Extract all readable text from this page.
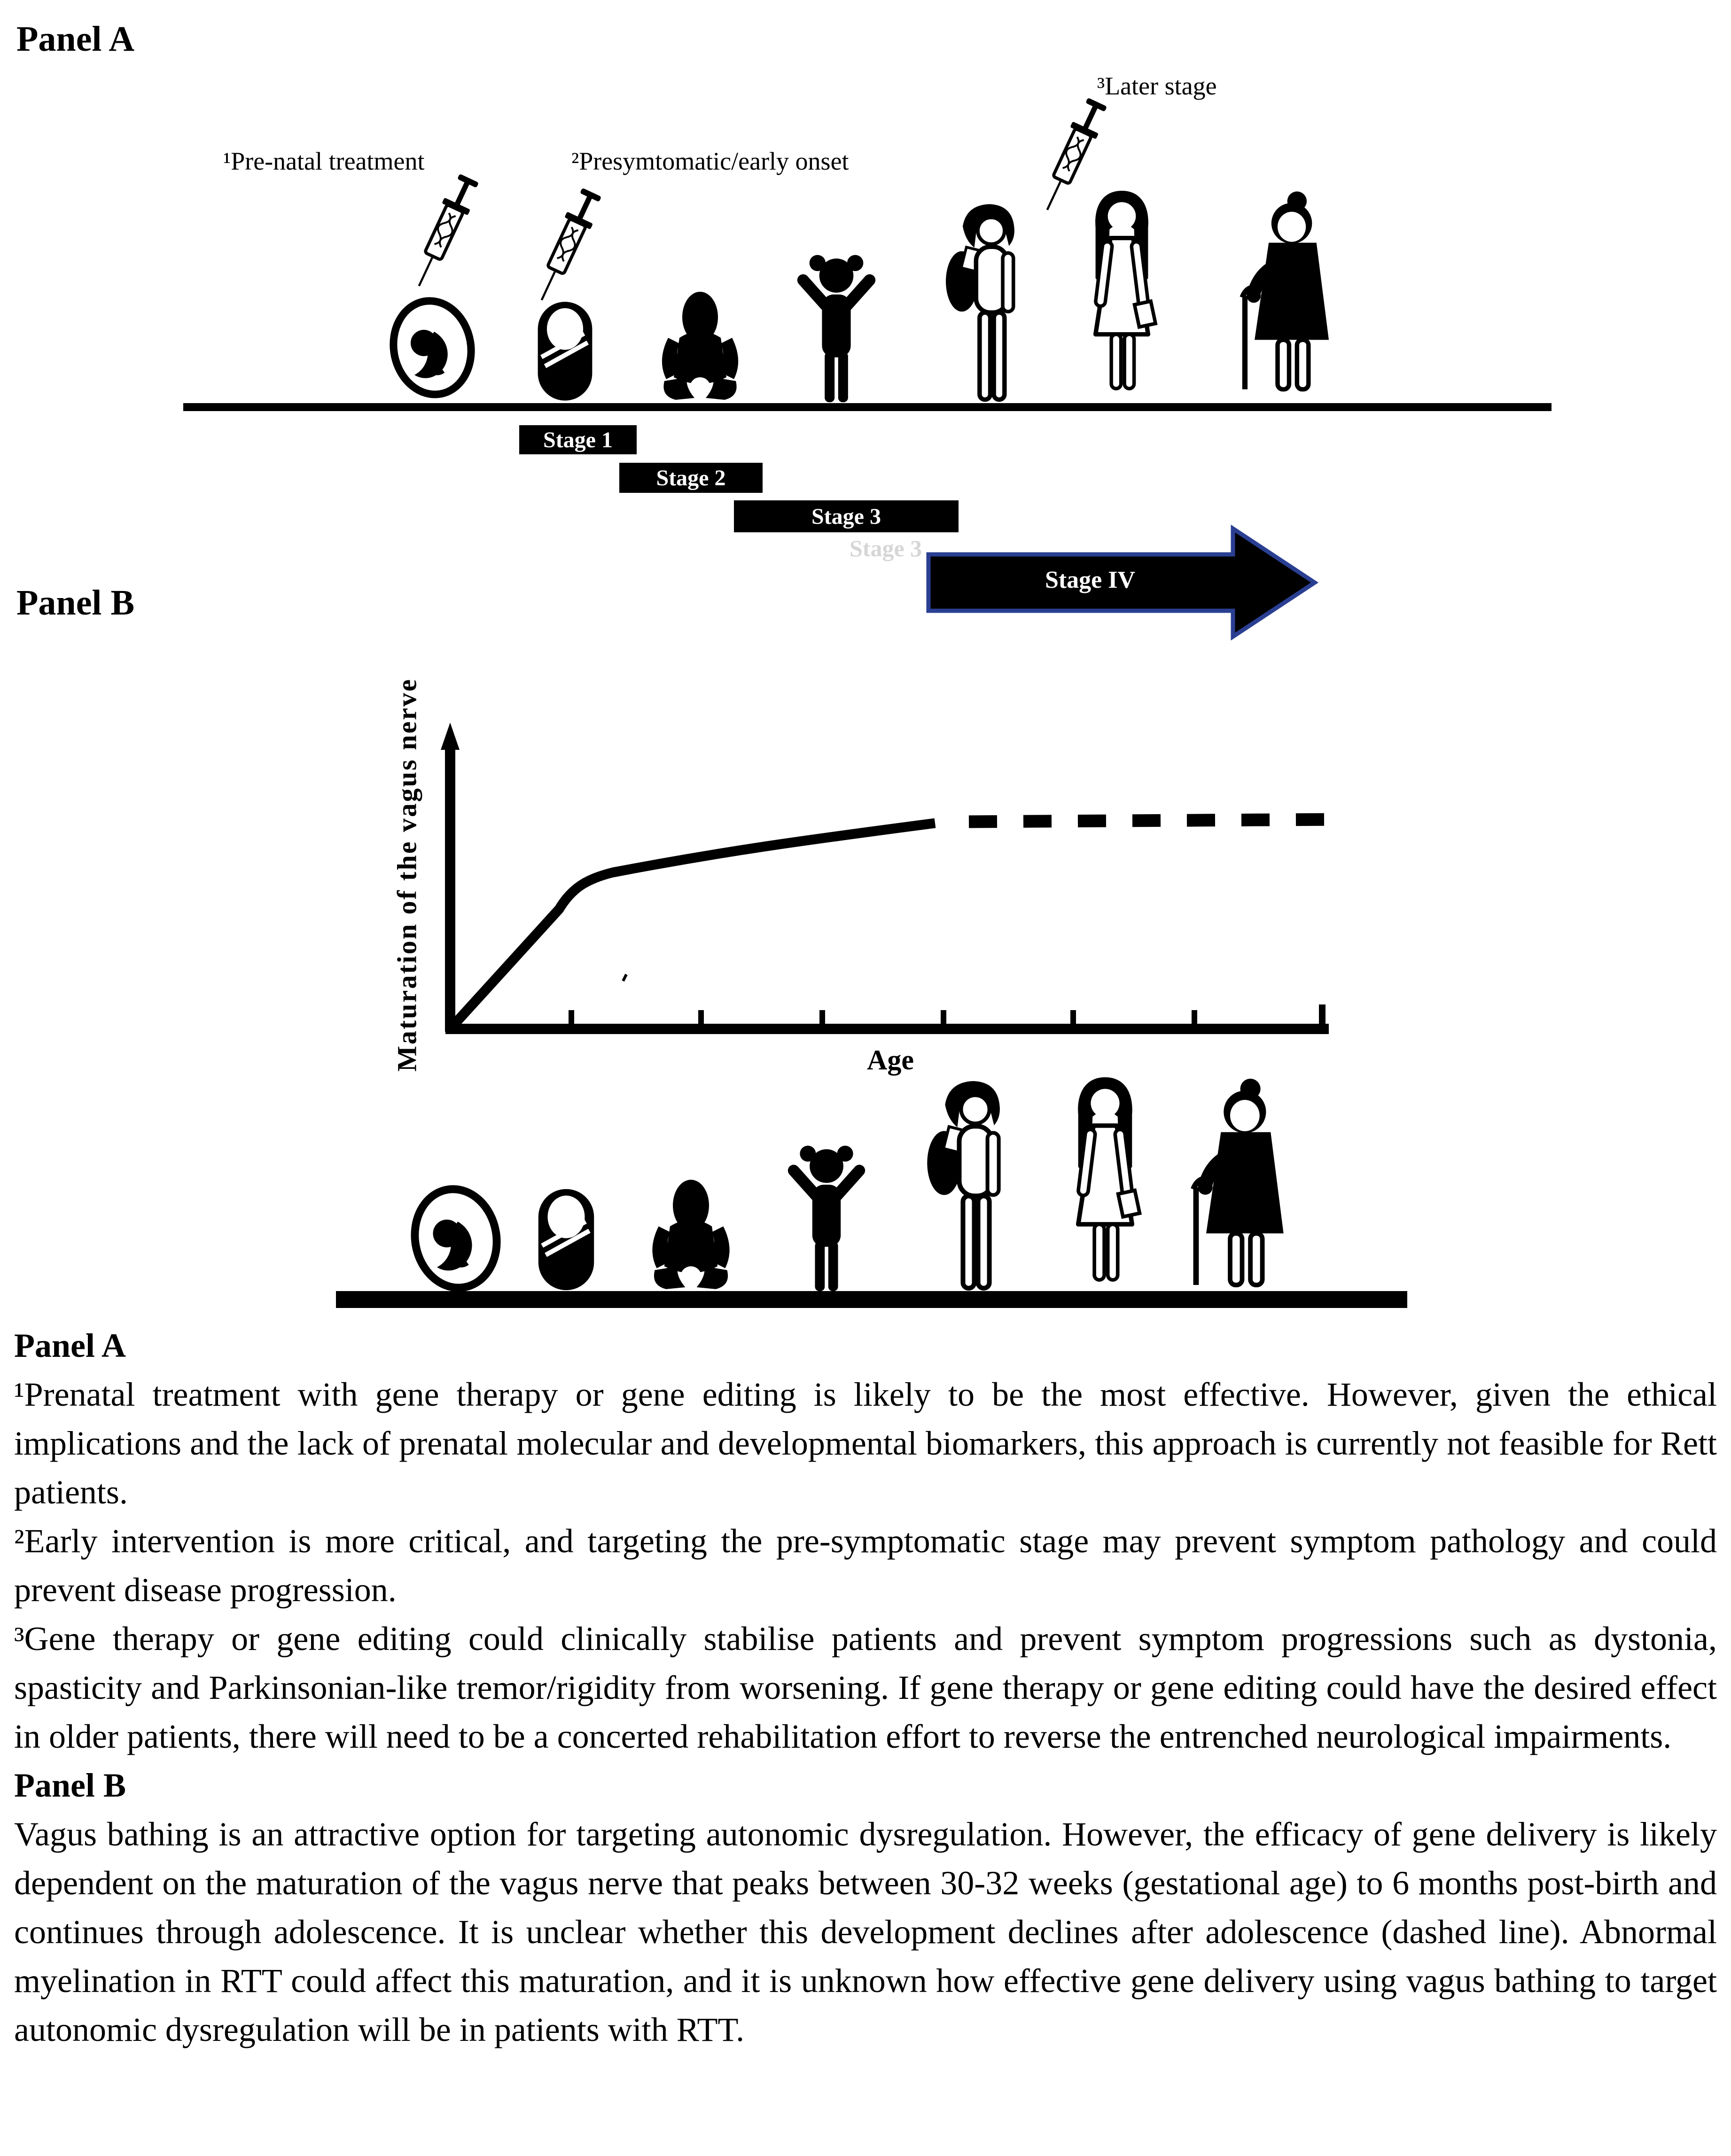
Panel A
¹Pre-natal treatment	²Presymtomatic/early onset
³Later stage
Stage 1
Stage 2
Stage 3
Stage 3
Stage IV
Panel B
Maturation of the vagus nerve	Age

Panel A

¹Prenatal treatment with gene therapy or gene editing is likely to be the most effective. However, given the ethical implications and the lack of prenatal molecular and developmental biomarkers, this approach is currently not feasible for Rett patients.

²Early intervention is more critical, and targeting the pre-symptomatic stage may prevent symptom pathology and could prevent disease progression.

³Gene therapy or gene editing could clinically stabilise patients and prevent symptom progressions such as dystonia, spasticity and Parkinsonian-like tremor/rigidity from worsening. If gene therapy or gene editing could have the desired effect in older patients, there will need to be a concerted rehabilitation effort to reverse the entrenched neurological impairments.

Panel B

Vagus bathing is an attractive option for targeting autonomic dysregulation. However, the efficacy of gene delivery is likely dependent on the maturation of the vagus nerve that peaks between 30-32 weeks (gestational age) to 6 months post-birth and continues through adolescence. It is unclear whether this development declines after adolescence (dashed line). Abnormal myelination in RTT could affect this maturation, and it is unknown how effective gene delivery using vagus bathing to target autonomic dysregulation will be in patients with RTT.
